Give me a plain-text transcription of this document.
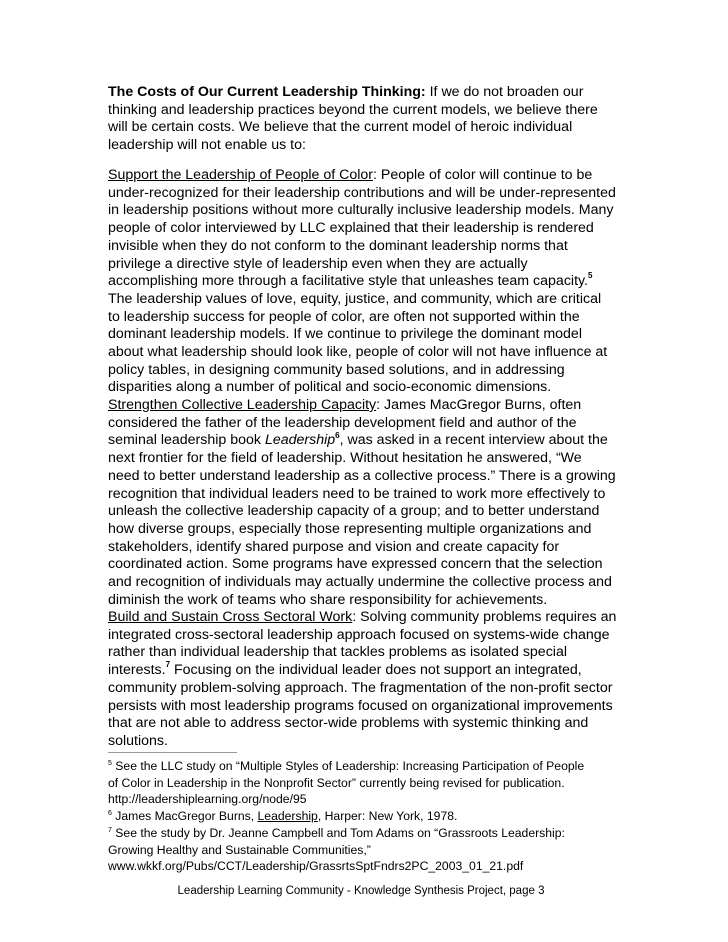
The Costs of Our Current Leadership Thinking: If we do not broaden our

thinking and leadership practices beyond the current models, we believe there

will be certain costs. We believe that the current model of heroic individual

leadership will not enable us to:

Support the Leadership of People of Color: People of color will continue to be

under-recognized for their leadership contributions and will be under-represented

in leadership positions without more culturally inclusive leadership models. Many

people of color interviewed by LLC explained that their leadership is rendered

invisible when they do not conform to the dominant leadership norms that

privilege a directive style of leadership even when they are actually

accomplishing more through a facilitative style that unleashes team capacity.$^5$

The leadership values of love, equity, justice, and community, which are critical

to leadership success for people of color, are often not supported within the

dominant leadership models. If we continue to privilege the dominant model

about what leadership should look like, people of color will not have influence at

policy tables, in designing community based solutions, and in addressing

disparities along a number of political and socio-economic dimensions.

Strengthen Collective Leadership Capacity: James MacGregor Burns, often

considered the father of the leadership development field and author of the

seminal leadership book Leadership$^6$, was asked in a recent interview about the

next frontier for the field of leadership. Without hesitation he answered, “We

need to better understand leadership as a collective process.” There is a growing

recognition that individual leaders need to be trained to work more effectively to

unleash the collective leadership capacity of a group; and to better understand

how diverse groups, especially those representing multiple organizations and

stakeholders, identify shared purpose and vision and create capacity for

coordinated action. Some programs have expressed concern that the selection

and recognition of individuals may actually undermine the collective process and

diminish the work of teams who share responsibility for achievements.

Build and Sustain Cross Sectoral Work: Solving community problems requires an

integrated cross-sectoral leadership approach focused on systems-wide change

rather than individual leadership that tackles problems as isolated special

interests.$^7$ Focusing on the individual leader does not support an integrated,

community problem-solving approach. The fragmentation of the non-profit sector

persists with most leadership programs focused on organizational improvements

that are not able to address sector-wide problems with systemic thinking and

solutions.

$^5$ See the LLC study on “Multiple Styles of Leadership: Increasing Participation of People

of Color in Leadership in the Nonprofit Sector” currently being revised for publication.

http://leadershiplearning.org/node/95

$^6$ James MacGregor Burns, Leadership, Harper: New York, 1978.

$^7$ See the study by Dr. Jeanne Campbell and Tom Adams on “Grassroots Leadership:

Growing Healthy and Sustainable Communities,”

www.wkkf.org/Pubs/CCT/Leadership/GrassrtsSptFndrs2PC_2003_01_21.pdf

Leadership Learning Community - Knowledge Synthesis Project, page 3
